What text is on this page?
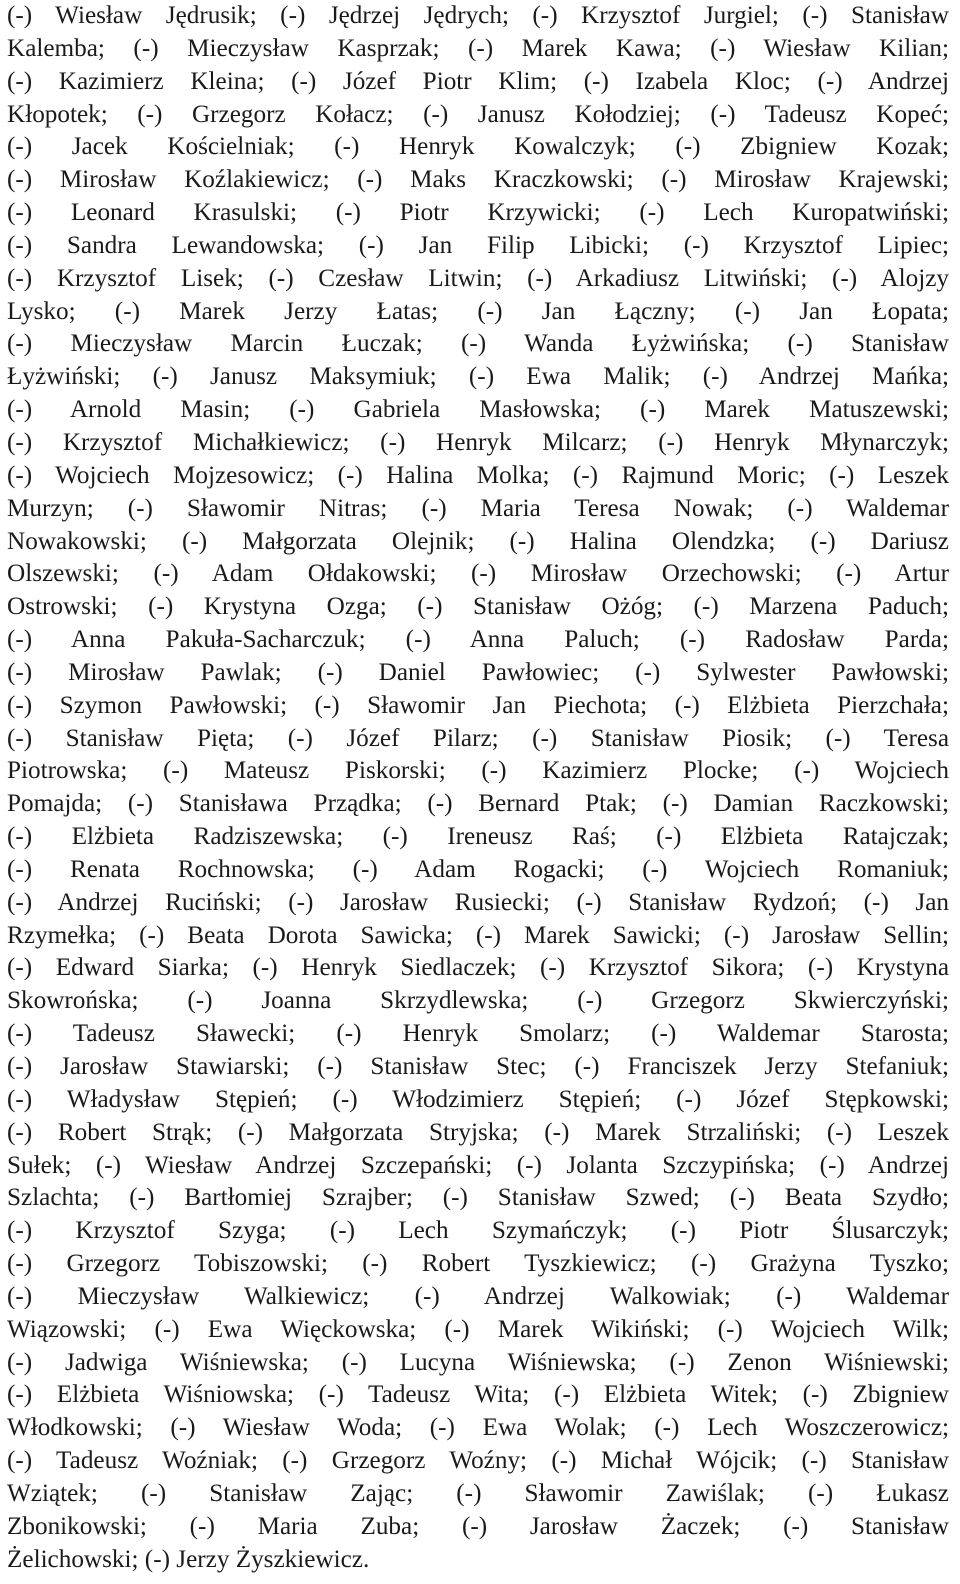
(-) Wiesław Jędrusik; (-) Jędrzej Jędrych; (-) Krzysztof Jurgiel; (-) Stanisław
Kalemba; (-) Mieczysław Kasprzak; (-) Marek Kawa; (-) Wiesław Kilian;
(-) Kazimierz Kleina; (-) Józef Piotr Klim; (-) Izabela Kloc; (-) Andrzej
Kłopotek; (-) Grzegorz Kołacz; (-) Janusz Kołodziej; (-) Tadeusz Kopeć;
(-) Jacek Kościelniak; (-) Henryk Kowalczyk; (-) Zbigniew Kozak;
(-) Mirosław Koźlakiewicz; (-) Maks Kraczkowski; (-) Mirosław Krajewski;
(-) Leonard Krasulski; (-) Piotr Krzywicki; (-) Lech Kuropatwiński;
(-) Sandra Lewandowska; (-) Jan Filip Libicki; (-) Krzysztof Lipiec;
(-) Krzysztof Lisek; (-) Czesław Litwin; (-) Arkadiusz Litwiński; (-) Alojzy
Lysko; (-) Marek Jerzy Łatas; (-) Jan Łączny; (-) Jan Łopata;
(-) Mieczysław Marcin Łuczak; (-) Wanda Łyżwińska; (-) Stanisław
Łyżwiński; (-) Janusz Maksymiuk; (-) Ewa Malik; (-) Andrzej Mańka;
(-) Arnold Masin; (-) Gabriela Masłowska; (-) Marek Matuszewski;
(-) Krzysztof Michałkiewicz; (-) Henryk Milcarz; (-) Henryk Młynarczyk;
(-) Wojciech Mojzesowicz; (-) Halina Molka; (-) Rajmund Moric; (-) Leszek
Murzyn; (-) Sławomir Nitras; (-) Maria Teresa Nowak; (-) Waldemar
Nowakowski; (-) Małgorzata Olejnik; (-) Halina Olendzka; (-) Dariusz
Olszewski; (-) Adam Ołdakowski; (-) Mirosław Orzechowski; (-) Artur
Ostrowski; (-) Krystyna Ozga; (-) Stanisław Ożóg; (-) Marzena Paduch;
(-) Anna Pakuła-Sacharczuk; (-) Anna Paluch; (-) Radosław Parda;
(-) Mirosław Pawlak; (-) Daniel Pawłowiec; (-) Sylwester Pawłowski;
(-) Szymon Pawłowski; (-) Sławomir Jan Piechota; (-) Elżbieta Pierzchała;
(-) Stanisław Pięta; (-) Józef Pilarz; (-) Stanisław Piosik; (-) Teresa
Piotrowska; (-) Mateusz Piskorski; (-) Kazimierz Plocke; (-) Wojciech
Pomajda; (-) Stanisława Prządka; (-) Bernard Ptak; (-) Damian Raczkowski;
(-) Elżbieta Radziszewska; (-) Ireneusz Raś; (-) Elżbieta Ratajczak;
(-) Renata Rochnowska; (-) Adam Rogacki; (-) Wojciech Romaniuk;
(-) Andrzej Ruciński; (-) Jarosław Rusiecki; (-) Stanisław Rydzoń; (-) Jan
Rzymełka; (-) Beata Dorota Sawicka; (-) Marek Sawicki; (-) Jarosław Sellin;
(-) Edward Siarka; (-) Henryk Siedlaczek; (-) Krzysztof Sikora; (-) Krystyna
Skowrońska; (-) Joanna Skrzydlewska; (-) Grzegorz Skwierczyński;
(-) Tadeusz Sławecki; (-) Henryk Smolarz; (-) Waldemar Starosta;
(-) Jarosław Stawiarski; (-) Stanisław Stec; (-) Franciszek Jerzy Stefaniuk;
(-) Władysław Stępień; (-) Włodzimierz Stępień; (-) Józef Stępkowski;
(-) Robert Strąk; (-) Małgorzata Stryjska; (-) Marek Strzaliński; (-) Leszek
Sułek; (-) Wiesław Andrzej Szczepański; (-) Jolanta Szczypińska; (-) Andrzej
Szlachta; (-) Bartłomiej Szrajber; (-) Stanisław Szwed; (-) Beata Szydło;
(-) Krzysztof Szyga; (-) Lech Szymańczyk; (-) Piotr Ślusarczyk;
(-) Grzegorz Tobiszowski; (-) Robert Tyszkiewicz; (-) Grażyna Tyszko;
(-) Mieczysław Walkiewicz; (-) Andrzej Walkowiak; (-) Waldemar
Wiązowski; (-) Ewa Więckowska; (-) Marek Wikiński; (-) Wojciech Wilk;
(-) Jadwiga Wiśniewska; (-) Lucyna Wiśniewska; (-) Zenon Wiśniewski;
(-) Elżbieta Wiśniowska; (-) Tadeusz Wita; (-) Elżbieta Witek; (-) Zbigniew
Włodkowski; (-) Wiesław Woda; (-) Ewa Wolak; (-) Lech Woszczerowicz;
(-) Tadeusz Woźniak; (-) Grzegorz Woźny; (-) Michał Wójcik; (-) Stanisław
Wziątek; (-) Stanisław Zając; (-) Sławomir Zawiślak; (-) Łukasz
Zbonikowski; (-) Maria Zuba; (-) Jarosław Żaczek; (-) Stanisław
Żelichowski; (-) Jerzy Żyszkiewicz.
